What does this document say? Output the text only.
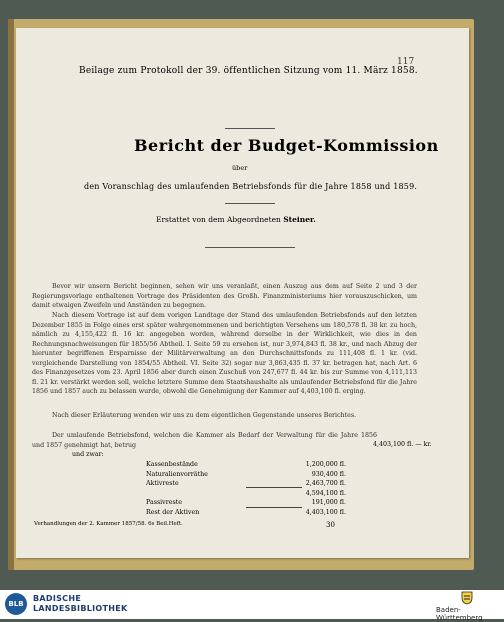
117
Beilage zum Protokoll der 39. öffentlichen Sitzung vom 11. März 1858.
Bericht der Budget-Kommission
über
den Voranschlag des umlaufenden Betriebsfonds für die Jahre 1858 und 1859.
Erstattet von dem Abgeordneten Steiner.

Bevor wir unsern Bericht beginnen, sehen wir uns veranlaßt, einen Auszug aus dem auf Seite 2 und 3 der Regierungsvorlage enthaltenen Vortrage des Präsidenten des Großh. Finanzministeriums hier vorauszuschicken, um damit etwaigen Zweifeln und Anständen zu begegnen.

Nach diesem Vortrage ist auf dem vorigen Landtage der Stand des umlaufenden Betriebsfonds auf den letzten Dezember 1855 in Folge eines erst später wahrgenommenen und berichtigten Versehens um 180,578 fl. 38 kr. zu hoch, nämlich zu 4,155,422 fl. 16 kr. angegeben worden, während derselbe in der Wirklichkeit, wie dies in den Rechnungsnachweisungen für 1855/56 Abtheil. I. Seite 59 zu ersehen ist, nur 3,974,843 fl. 38 kr., und nach Abzug der hierunter begriffenen Ersparnisse der Militärverwaltung an den Durchschnittsfonds zu 111,408 fl. 1 kr. (vid. vergleichende Darstellung von 1854/55 Abtheil. VI. Seite 32) sogar nur 3,863,435 fl. 37 kr. betragen hat, nach Art. 6 des Finanzgesetzes vom 23. April 1856 aber durch einen Zuschuß von 247,677 fl. 44 kr. bis zur Summe von 4,111,113 fl. 21 kr. verstärkt werden soll, welche letztere Summe dem Staatshaushalte als umlaufender Betriebsfond für die Jahre 1856 und 1857 auch zu belassen wurde, obwohl die Genehmigung der Kammer auf 4,403,100 fl. erging.

Nach dieser Erläuterung wenden wir uns zu dem eigentlichen Gegenstande unseres Berichtes.

Der umlaufende Betriebsfond, welchen die Kammer als Bedarf der Verwaltung für die Jahre 1856 und 1857 genehmigt hat, betrug	4,403,100 fl. — kr.
und zwar:
Kassenbestände	1,200,000 fl.
Naturalienvorräthe	930,400 fl.
Aktivreste	2,463,700 fl.
4,594,100 fl.
Passivreste	191,000 fl.
Rest der Aktiven	4,403,100 fl.
Verhandlungen der 2. Kammer 1857/58. 6s Beil.Heft.	30
BLB
BADISCHE
LANDESBIBLIOTHEK	Baden-Württemberg
